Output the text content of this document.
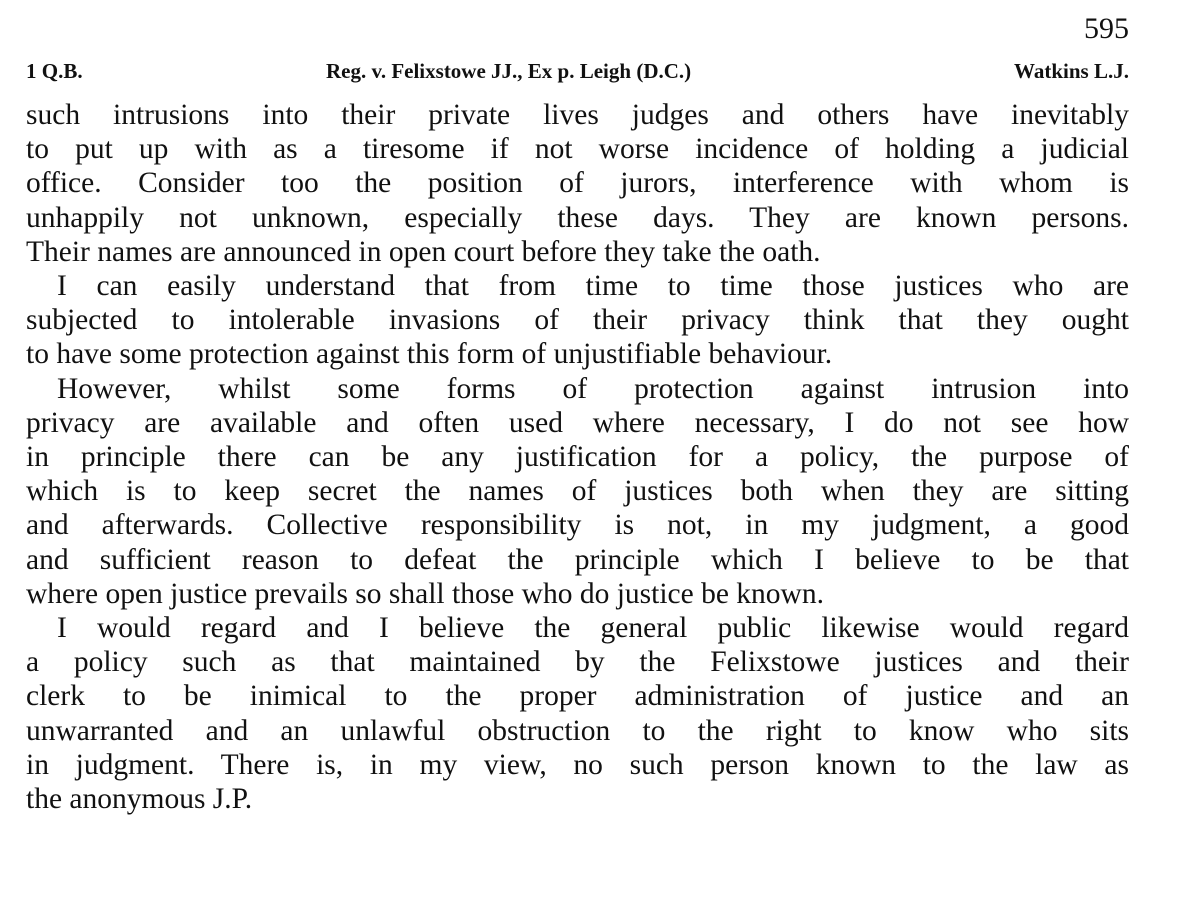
595
1 Q.B.	Reg. v. Felixstowe JJ., Ex p. Leigh (D.C.)	Watkins L.J.
such intrusions into their private lives judges and others have inevitably
to put up with as a tiresome if not worse incidence of holding a judicial
office. Consider too the position of jurors, interference with whom is
unhappily not unknown, especially these days. They are known persons.
Their names are announced in open court before they take the oath.
I can easily understand that from time to time those justices who are
subjected to intolerable invasions of their privacy think that they ought
to have some protection against this form of unjustifiable behaviour.
However, whilst some forms of protection against intrusion into
privacy are available and often used where necessary, I do not see how
in principle there can be any justification for a policy, the purpose of
which is to keep secret the names of justices both when they are sitting
and afterwards. Collective responsibility is not, in my judgment, a good
and sufficient reason to defeat the principle which I believe to be that
where open justice prevails so shall those who do justice be known.
I would regard and I believe the general public likewise would regard
a policy such as that maintained by the Felixstowe justices and their
clerk to be inimical to the proper administration of justice and an
unwarranted and an unlawful obstruction to the right to know who sits
in judgment. There is, in my view, no such person known to the law as
the anonymous J.P.
